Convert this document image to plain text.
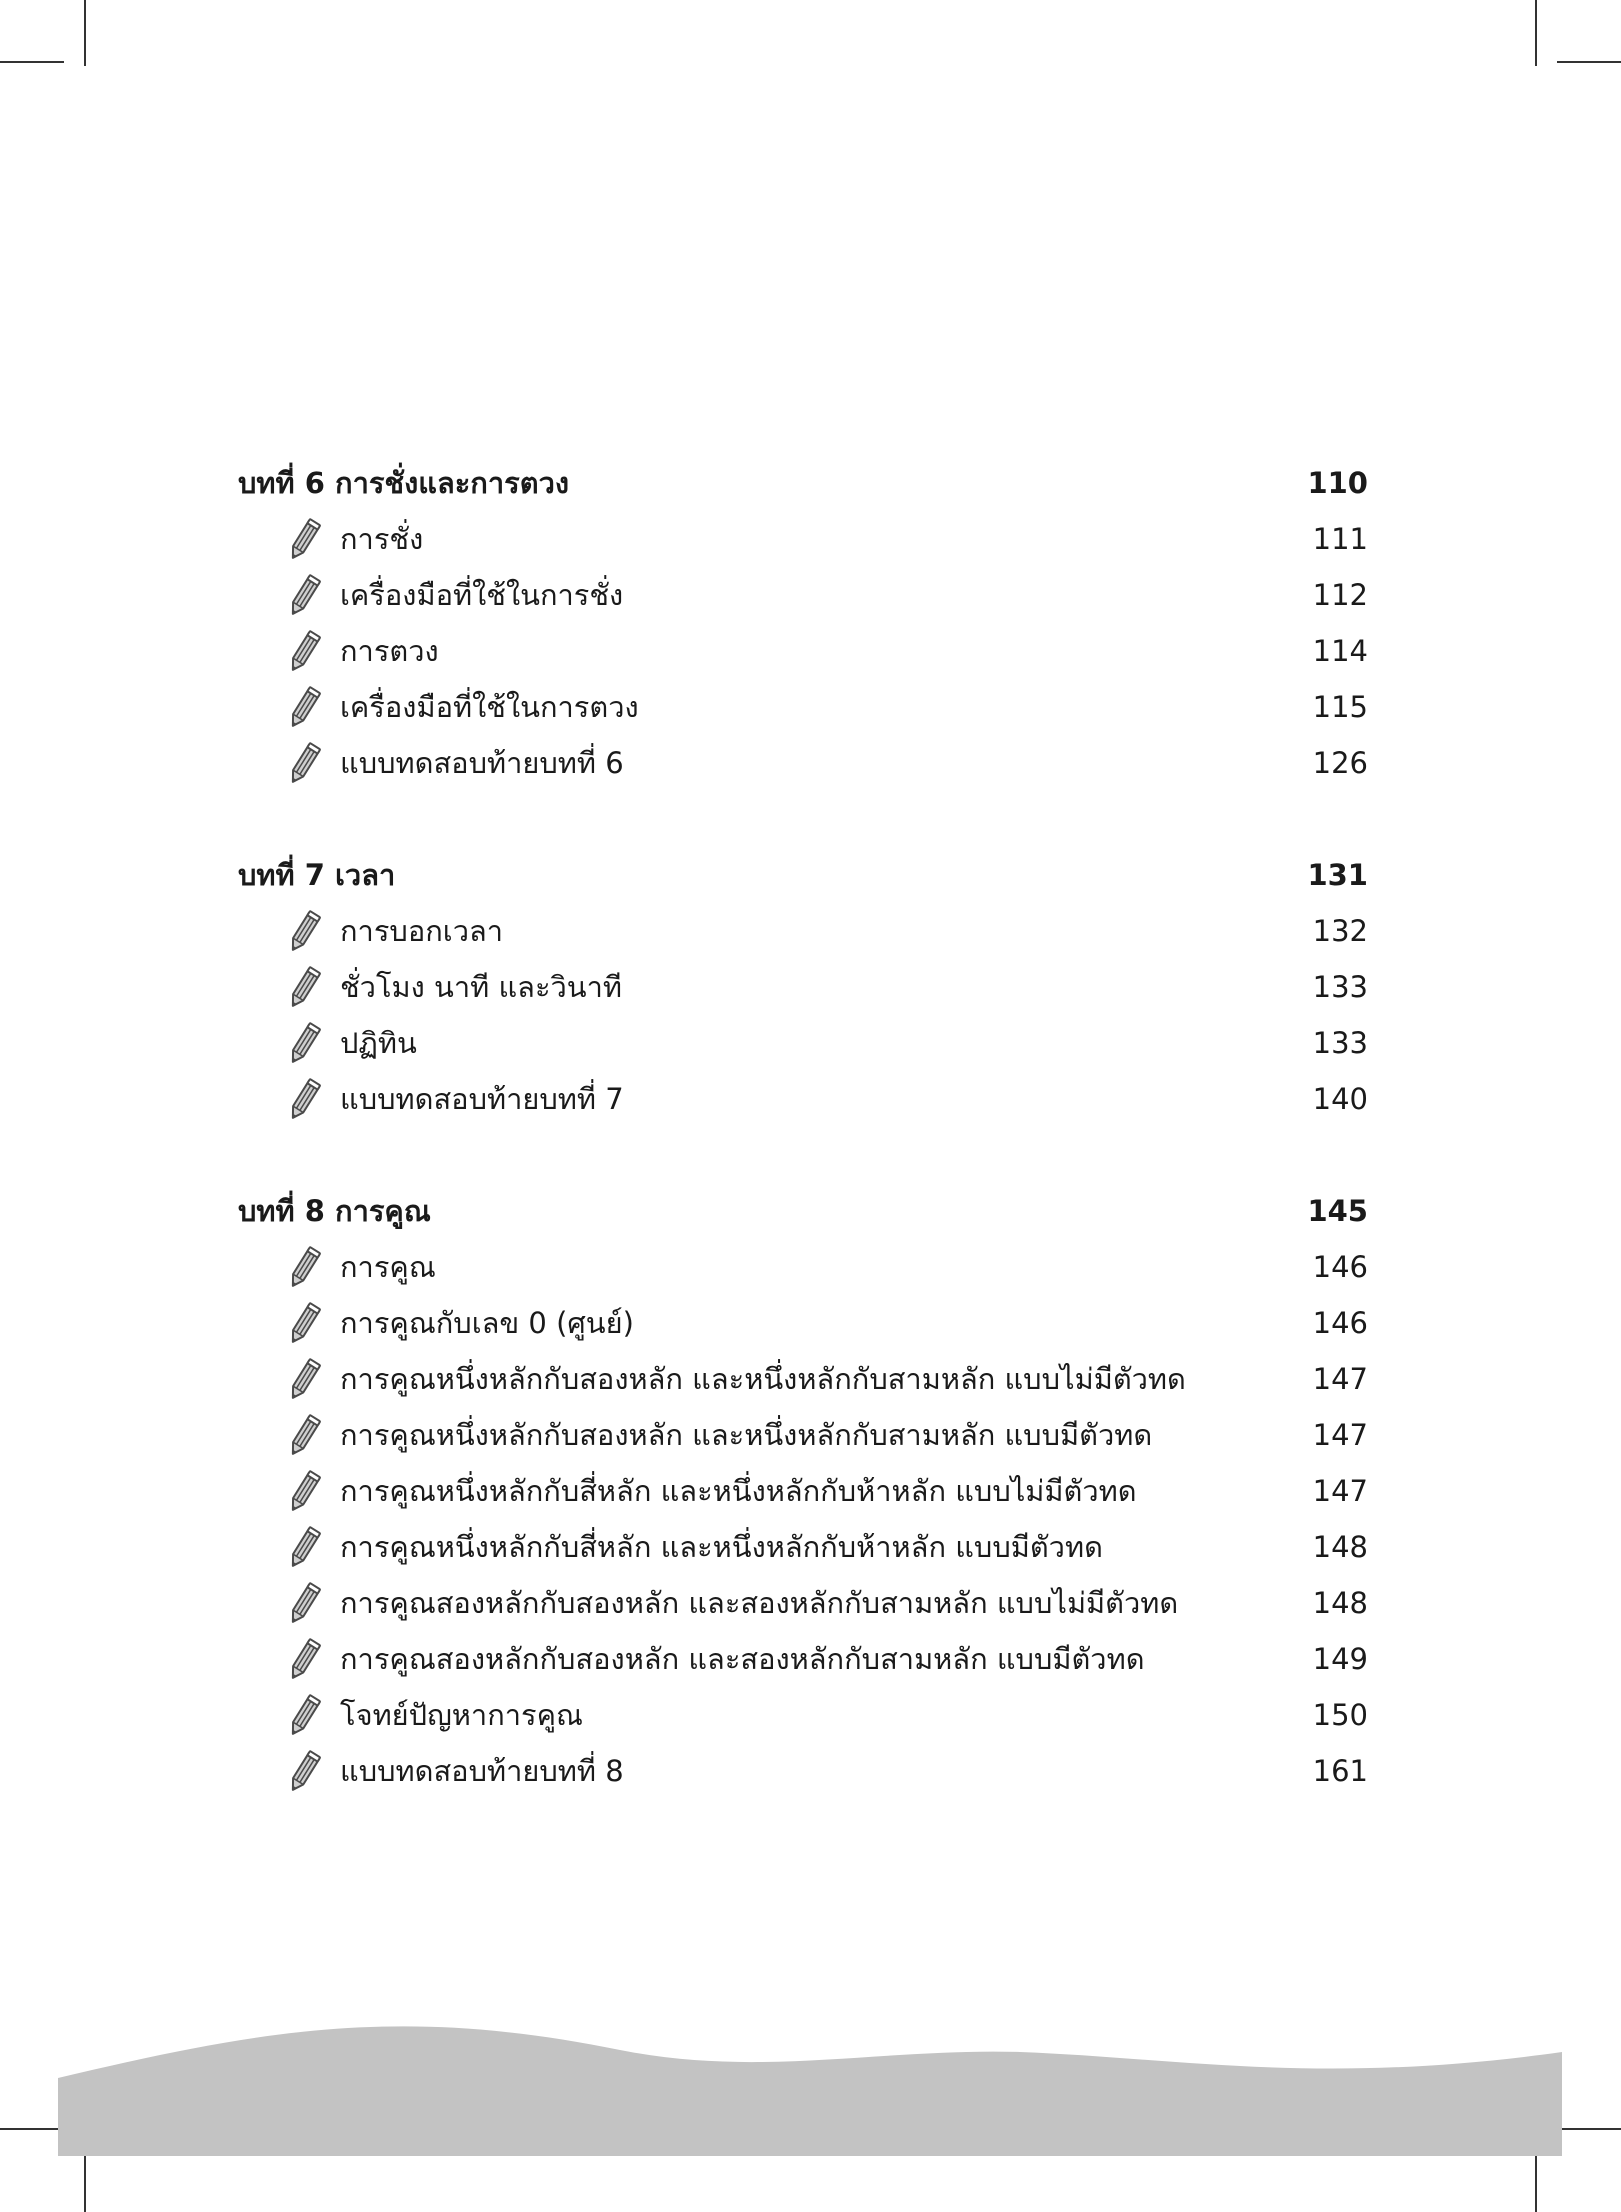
บทที่ 6 การชั่งและการตวง	110
การชั่ง	111
เครื่องมือที่ใช้ในการชั่ง	112
การตวง	114
เครื่องมือที่ใช้ในการตวง	115
แบบทดสอบท้ายบทที่ 6	126
บทที่ 7 เวลา	131
การบอกเวลา	132
ชั่วโมง นาที และวินาที	133
ปฏิทิน	133
แบบทดสอบท้ายบทที่ 7	140
บทที่ 8 การคูณ	145
การคูณ	146
การคูณกับเลข 0 (ศูนย์)	146
การคูณหนึ่งหลักกับสองหลัก และหนึ่งหลักกับสามหลัก แบบไม่มีตัวทด	147
การคูณหนึ่งหลักกับสองหลัก และหนึ่งหลักกับสามหลัก แบบมีตัวทด	147
การคูณหนึ่งหลักกับสี่หลัก และหนึ่งหลักกับห้าหลัก แบบไม่มีตัวทด	147
การคูณหนึ่งหลักกับสี่หลัก และหนึ่งหลักกับห้าหลัก แบบมีตัวทด	148
การคูณสองหลักกับสองหลัก และสองหลักกับสามหลัก แบบไม่มีตัวทด	148
การคูณสองหลักกับสองหลัก และสองหลักกับสามหลัก แบบมีตัวทด	149
โจทย์ปัญหาการคูณ	150
แบบทดสอบท้ายบทที่ 8	161
